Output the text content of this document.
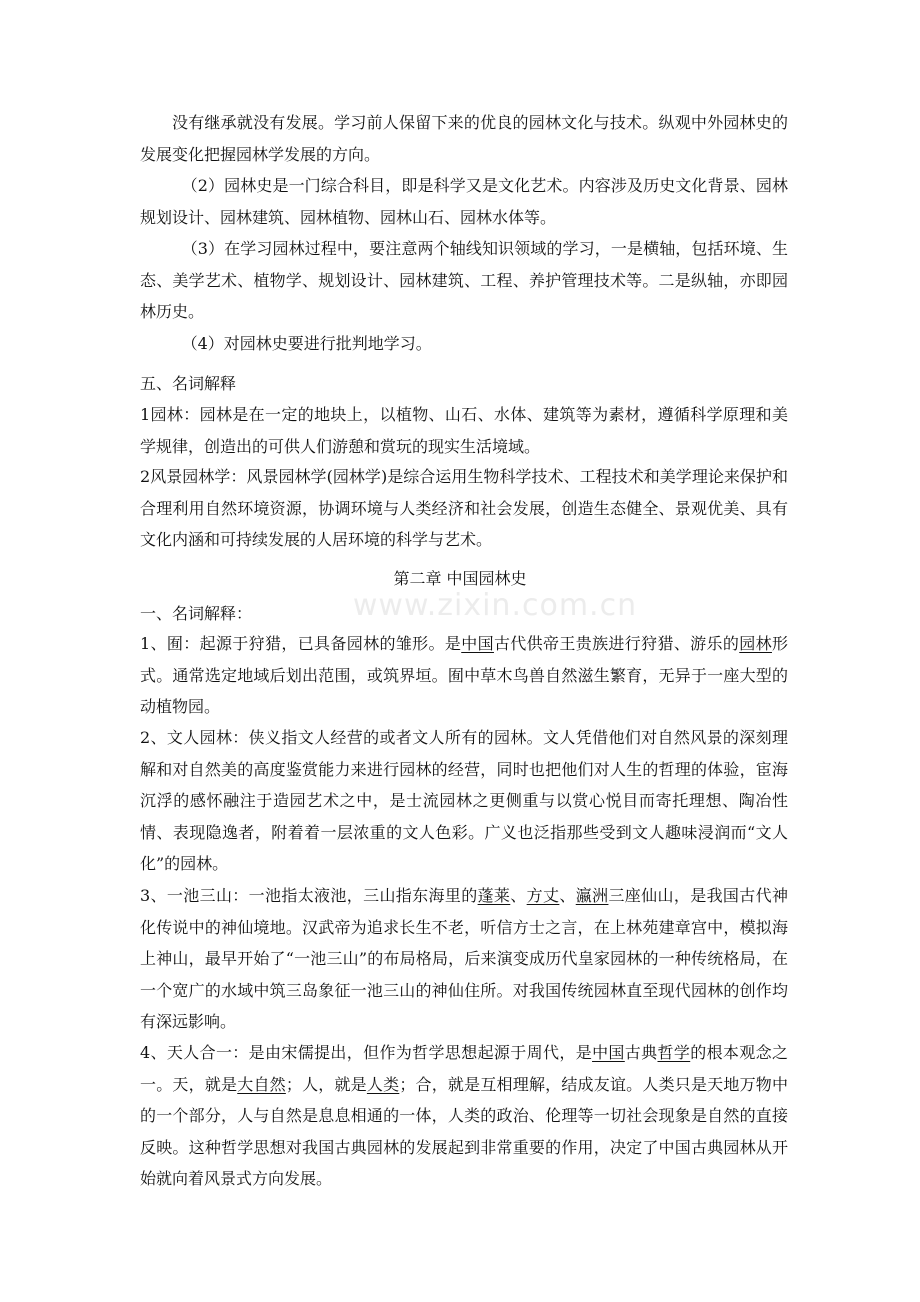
www.zixin.com.cn

没有继承就没有发展。学习前人保留下来的优良的园林文化与技术。纵观中外园林史的发展变化把握园林学发展的方向。

（2）园林史是一门综合科目，即是科学又是文化艺术。内容涉及历史文化背景、园林规划设计、园林建筑、园林植物、园林山石、园林水体等。

（3）在学习园林过程中，要注意两个轴线知识领域的学习，一是横轴，包括环境、生态、美学艺术、植物学、规划设计、园林建筑、工程、养护管理技术等。二是纵轴，亦即园林历史。

（4）对园林史要进行批判地学习。

五、名词解释

1园林：园林是在一定的地块上，以植物、山石、水体、建筑等为素材，遵循科学原理和美学规律，创造出的可供人们游憩和赏玩的现实生活境域。

2风景园林学：风景园林学(园林学)是综合运用生物科学技术、工程技术和美学理论来保护和合理利用自然环境资源，协调环境与人类经济和社会发展，创造生态健全、景观优美、具有文化内涵和可持续发展的人居环境的科学与艺术。

第二章 中国园林史

一、名词解释：

1、囿：起源于狩猎，已具备园林的雏形。是中国古代供帝王贵族进行狩猎、游乐的园林形式。通常选定地域后划出范围，或筑界垣。囿中草木鸟兽自然滋生繁育，无异于一座大型的动植物园。

2、文人园林：侠义指文人经营的或者文人所有的园林。文人凭借他们对自然风景的深刻理解和对自然美的高度鉴赏能力来进行园林的经营，同时也把他们对人生的哲理的体验，宦海沉浮的感怀融注于造园艺术之中，是士流园林之更侧重与以赏心悦目而寄托理想、陶冶性情、表现隐逸者，附着着一层浓重的文人色彩。广义也泛指那些受到文人趣味浸润而“文人化”的园林。

3、一池三山：一池指太液池，三山指东海里的蓬莱、方丈、瀛洲三座仙山，是我国古代神化传说中的神仙境地。汉武帝为追求长生不老，听信方士之言，在上林苑建章宫中，模拟海上神山，最早开始了“一池三山”的布局格局，后来演变成历代皇家园林的一种传统格局，在一个宽广的水域中筑三岛象征一池三山的神仙住所。对我国传统园林直至现代园林的创作均有深远影响。

4、天人合一：是由宋儒提出，但作为哲学思想起源于周代，是中国古典哲学的根本观念之一。天，就是大自然；人，就是人类；合，就是互相理解，结成友谊。人类只是天地万物中的一个部分，人与自然是息息相通的一体，人类的政治、伦理等一切社会现象是自然的直接反映。这种哲学思想对我国古典园林的发展起到非常重要的作用，决定了中国古典园林从开始就向着风景式方向发展。
